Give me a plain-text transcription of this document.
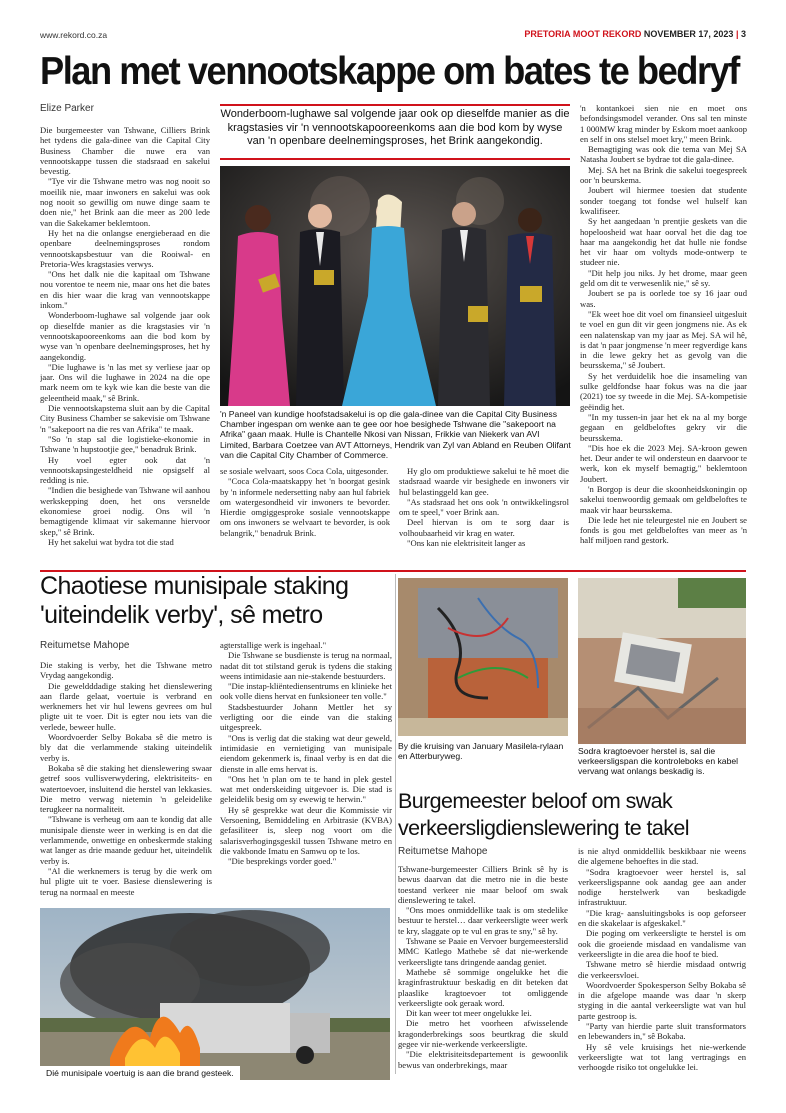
www.rekord.co.za	PRETORIA MOOT REKORD NOVEMBER 17, 2023 | 3
Plan met vennootskappe om bates te bedryf
Elize Parker

Die burgemeester van Tshwane, Cilliers Brink het tydens die gala-dinee van die Capital City Business Chamber die nuwe era van vennootskappe tussen die stadsraad en sakelui bevestig.

"Tye vir die Tshwane metro was nog nooit so moeilik nie, maar inwoners en sakelui was ook nog nooit so gewillig om nuwe dinge saam te doen nie," het Brink aan die meer as 200 lede van die Sakekamer beklemtoon.

Hy het na die onlangse energieberaad en die openbare deelnemingsproses rondom vennootskapsbestuur van die Rooiwal- en Pretoria-Wes kragstasies verwys.

"Ons het dalk nie die kapitaal om Tshwane nou vorentoe te neem nie, maar ons het die bates en dis hier waar die krag van vennootskappe inkom."

Wonderboom-lughawe sal volgende jaar ook op dieselfde manier as die kragstasies vir 'n vennootskapooreenkoms aan die bod kom by wyse van 'n openbare deelnemingsproses, het hy aangekondig.

"Die lughawe is 'n las met sy verliese jaar op jaar. Ons wil die lughawe in 2024 na die ope mark neem om te kyk wie kan die beste van die geleentheid maak," sê Brink.

Die vennootskapstema sluit aan by die Capital City Business Chamber se sakevisie om Tshwane 'n "sakepoort na die res van Afrika" te maak.

"So 'n stap sal die logistieke-ekonomie in Tshwane 'n hupstootjie gee," benadruk Brink.

Hy voel egter ook dat 'n vennootskapsingesteldheid nie opsigself al redding is nie.

"Indien die besighede van Tshwane wil aanhou werkskepping doen, het ons versnelde ekonomiese groei nodig. Ons wil 'n bemagtigende klimaat vir sakemanne hiervoor skep," sê Brink.

Hy het sakelui wat bydra tot die stad

Wonderboom-lughawe sal volgende jaar ook op dieselfde manier as die kragstasies vir 'n vennootskapooreenkoms aan die bod kom by wyse van 'n openbare deelnemingsproses, het Brink aangekondig.
'n Paneel van kundige hoofstadsakelui is op die gala-dinee van die Capital City Business Chamber ingespan om wenke aan te gee oor hoe besighede Tshwane die "sakepoort na Afrika" gaan maak. Hulle is Chantelle Nkosi van Nissan, Frikkie van Niekerk van AVI Limited, Barbara Coetzee van AVT Attorneys, Hendrik van Zyl van Abland en Reuben Olifant van die Capital City Chamber of Commerce.

se sosiale welvaart, soos Coca Cola, uitgesonder.

"Coca Cola-maatskappy het 'n boorgat gesink by 'n informele nedersetting naby aan hul fabriek om watergesondheid vir inwoners te bevorder. Hierdie omgiggesproke sosiale vennootskappe om ons inwoners se welvaart te bevorder, is ook belangrik," benadruk Brink.

Hy glo om produktiewe sakelui te hê moet die stadsraad waarde vir besighede en inwoners vir hul belastinggeld kan gee.

"As stadsraad het ons ook 'n ontwikkelingsrol om te speel," voer Brink aan.

Deel hiervan is om te sorg daar is volhoubaarheid vir krag en water.

"Ons kan nie elektrisiteit langer as

'n kontankoei sien nie en moet ons befondsingsmodel verander. Ons sal ten minste 1 000MW krag minder by Eskom moet aankoop en self in ons stelsel moet kry," meen Brink.

Bemagtiging was ook die tema van Mej SA Natasha Joubert se bydrae tot die gala-dinee.

Mej. SA het na Brink die sakelui toegespreek oor 'n beurskema.

Joubert wil hiermee toesien dat studente sonder toegang tot fondse wel hulself kan kwalifiseer.

Sy het aangedaan 'n prentjie geskets van die hopeloosheid wat haar oorval het die dag toe haar ma aangekondig het dat hulle nie fondse het vir haar om voltyds mode-ontwerp te studeer nie.

"Dit help jou niks. Jy het drome, maar geen geld om dit te verwesenlik nie," sê sy.

Joubert se pa is oorlede toe sy 16 jaar oud was.

"Ek weet hoe dit voel om finansieel uitgesluit te voel en gun dit vir geen jongmens nie. As ek een nalatenskap van my jaar as Mej. SA wil hê, is dat 'n paar jongmense 'n meer regverdige kans in die lewe gekry het as gevolg van die beursskema," sê Joubert.

Sy het verduidelik hoe die insameling van sulke geldfondse haar fokus was na die jaar (2021) toe sy tweede in die Mej. SA-kompetisie geëindig het.

"In my tussen-in jaar het ek na al my borge gegaan en geldbeloftes gekry vir die beursskema.

"Dis hoe ek die 2023 Mej. SA-kroon gewen het. Deur ander te wil ondersteun en daarvoor te werk, kon ek myself bemagtig," beklemtoon Joubert.

'n Borgop is deur die skoonheidskoningin op sakelui toenwoordig gemaak om geldbeloftes te maak vir haar beursskema.

Die lede het nie teleurgestel nie en Joubert se fonds is gou met geldbeloftes van meer as 'n half miljoen rand gestork.

Chaotiese munisipale staking
'uiteindelik verby', sê metro
Reitumetse Mahope

Die staking is verby, het die Tshwane metro Vrydag aangekondig.

Die geweldddadige staking het dienslewering aan flarde gelaat, voertuie is verbrand en werknemers het vir hul lewens gevrees om hul pligte uit te voer. Dit is egter nou iets van die verlede, beweer hulle.

Woordvoerder Selby Bokaba sê die metro is bly dat die verlammende staking uiteindelik verby is.

Bokaba sê die staking het dienslewering swaar getref soos vullisverwydering, elektrisiteits- en watertoevoer, insluitend die herstel van lekkasies. Die metro verwag nietemin 'n geleidelike terugkeer na normaliteit.

"Tshwane is verheug om aan te kondig dat alle munisipale dienste weer in werking is en dat die verlammende, onwettige en onbeskermde staking wat langer as drie maande geduur het, uiteindelik verby is.

"Al die werknemers is terug by die werk om hul pligte uit te voer. Basiese dienslewering is terug na normaal en meeste

agterstallige werk is ingehaal."

Die Tshwane se busdienste is terug na normaal, nadat dit tot stilstand geruk is tydens die staking weens intimidasie aan nie-stakende bestuurders.

"Die instap-kliëntediensentrums en klinieke het ook volle diens hervat en funksioneer ten volle."

Stadsbestuurder Johann Mettler het sy verligting oor die einde van die staking uitgespreek.

"Ons is verlig dat die staking wat deur geweld, intimidasie en vernietiging van munisipale eiendom gekenmerk is, finaal verby is en dat die dienste in alle ems hervat is.

"Ons het 'n plan om te te hand in plek gestel wat met onderskeiding uitgevoer is. Die stad is geleidelik besig om sy ewewig te herwin."

Hy sê gesprekke wat deur die Kommissie vir Versoening, Bemiddeling en Arbitrasie (KVBA) gefasiliteer is, sleep nog voort om die salarisverhogingsgeskil tussen Tshwane metro en die vakbonde Imatu en Samwu op te los.

"Die besprekings vorder goed."

Dié munisipale voertuig is aan die brand gesteek.
By die kruising van January Masilela-rylaan en Atterburyweg.
Sodra kragtoevoer herstel is, sal die verkeersligspan die kontroleboks en kabel vervang wat onlangs beskadig is.
Burgemeester beloof om swak
verkeersligdienslewering te takel
Reitumetse Mahope

Tshwane-burgemeester Cilliers Brink sê hy is bewus daarvan dat die metro nie in die beste toestand verkeer nie maar beloof om swak dienslewering te takel.

"Ons moes onmiddellike taak is om stedelike bestuur te herstel… daar verkeersligte weer werk te kry, slaggate op te vul en gras te sny," sê hy.

Tshwane se Paaie en Vervoer burgemeesterslid MMC Katlego Mathebe sê dat nie-werkende verkeersligte tans dringende aandag geniet.

Mathebe sê sommige ongelukke het die kraginfrastruktuur beskadig en dit beteken dat plaaslike kragtoevoer tot omliggende verkeersligte ook geraak word.

Dit kan weer tot meer ongelukke lei.

Die metro het voorheen afwisselende kragonderbrekings soos beurtkrag die skuld gegee vir nie-werkende verkeersligte.

"Die elektrisiteitsdepartement is gewoonlik bewus van onderbrekings, maar

is nie altyd onmiddellik beskikbaar nie weens die algemene behoeftes in die stad.

"Sodra kragtoevoer weer herstel is, sal verkeersligspanne ook aandag gee aan ander nodige herstelwerk van beskadigde infrastruktuur.

"Die krag- aansluitingsboks is oop geforseer en die skakelaar is afgeskakel."

Die poging om verkeersligte te herstel is om ook die groeiende misdaad en vandalisme van verkeersligte in die area die hoof te bied.

Tshwane metro sê hierdie misdaad ontwrig die verkeersvloei.

Woordvoerder Spokesperson Selby Bokaba sê in die afgelope maande was daar 'n skerp styging in die aantal verkeersligte wat van hul parte gestroop is.

"Party van hierdie parte sluit transformators en lebewanders in," sê Bokaba.

Hy sê vele kruisings het nie-werkende verkeersligte wat tot lang vertragings en verhoogde risiko tot ongelukke lei.
